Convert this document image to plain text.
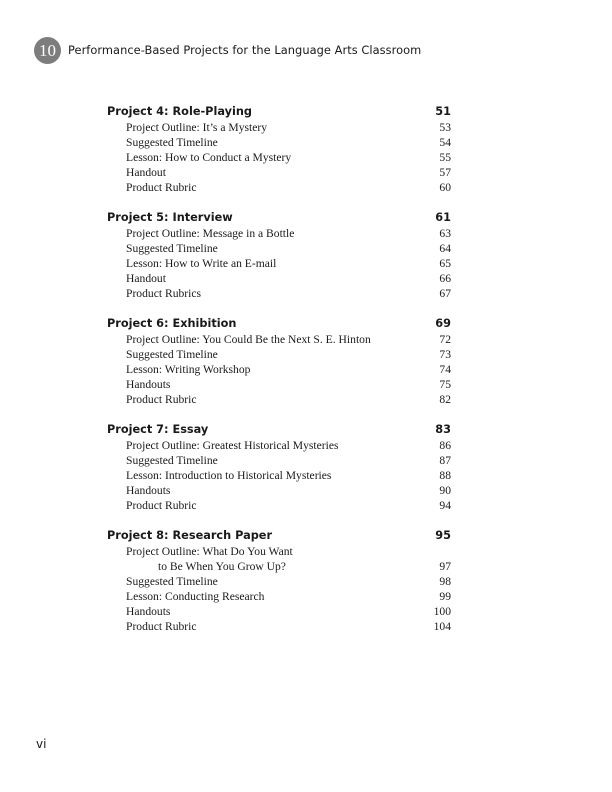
10	Performance-Based Projects for the Language Arts Classroom
Project 4: Role-Playing	51
Project Outline: It’s a Mystery	53
Suggested Timeline	54
Lesson: How to Conduct a Mystery	55
Handout	57
Product Rubric	60
Project 5: Interview	61
Project Outline: Message in a Bottle	63
Suggested Timeline	64
Lesson: How to Write an E-mail	65
Handout	66
Product Rubrics	67
Project 6: Exhibition	69
Project Outline: You Could Be the Next S. E. Hinton	72
Suggested Timeline	73
Lesson: Writing Workshop	74
Handouts	75
Product Rubric	82
Project 7: Essay	83
Project Outline: Greatest Historical Mysteries	86
Suggested Timeline	87
Lesson: Introduction to Historical Mysteries	88
Handouts	90
Product Rubric	94
Project 8: Research Paper	95
Project Outline: What Do You Want
to Be When You Grow Up?	97
Suggested Timeline	98
Lesson: Conducting Research	99
Handouts	100
Product Rubric	104
vi
